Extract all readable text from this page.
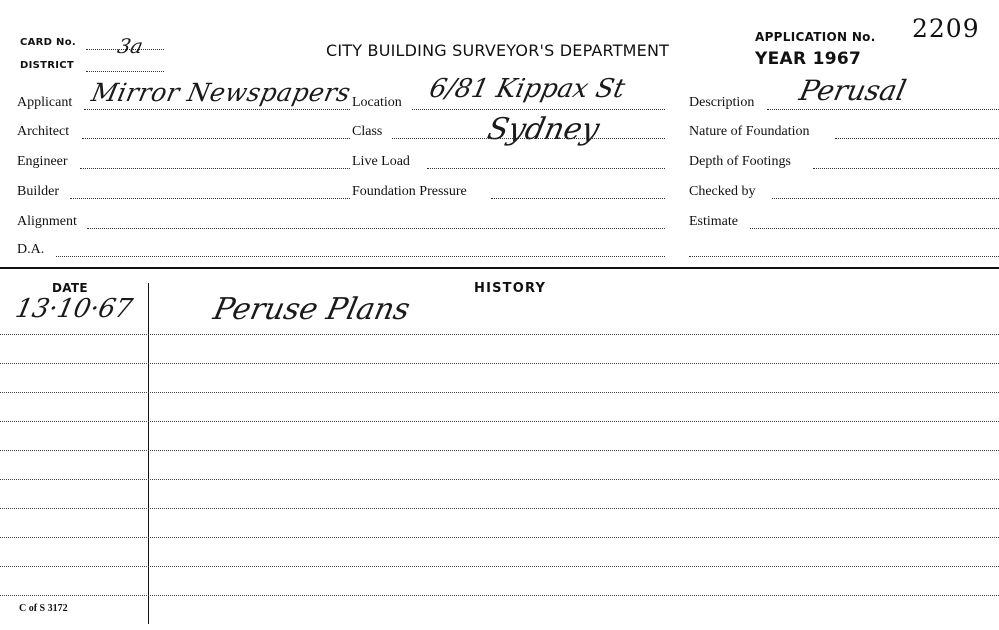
CARD No. 3a
DISTRICT
CITY BUILDING SURVEYOR'S DEPARTMENT
APPLICATION No. 2209
YEAR 1967
Applicant Mirror Newspapers
Architect
Engineer
Builder
Alignment
D.A.
Location 6/81 Kippax St
Sydney
Class
Live Load
Foundation Pressure
Description Perusal
Nature of Foundation
Depth of Footings
Checked by
Estimate
DATE	HISTORY
13·10·67	Peruse Plans
C of S 3172
